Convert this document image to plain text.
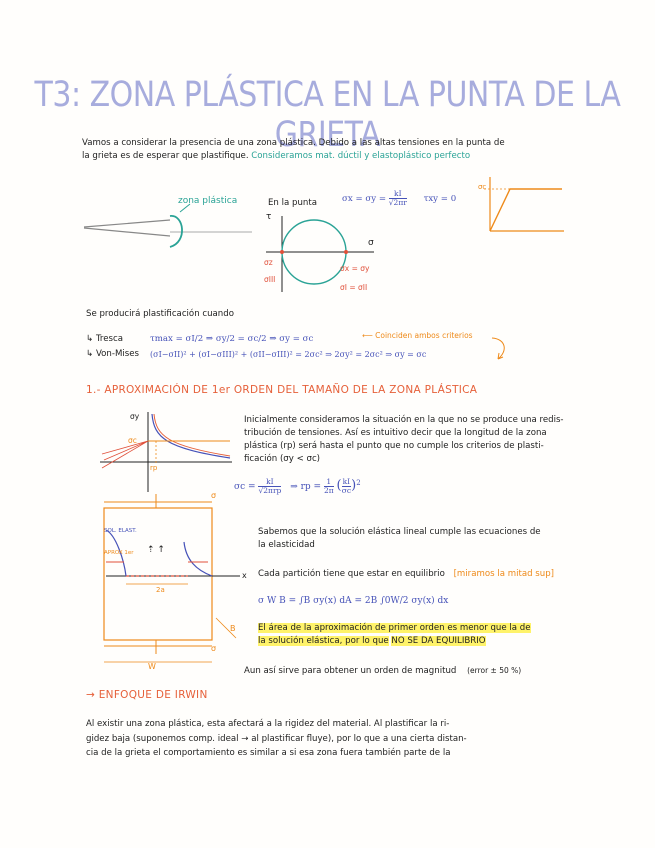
T3: ZONA PLÁSTICA EN LA PUNTA DE LA GRIETA
Vamos a considerar la presencia de una zona plástica. Debido a las altas tensiones en la punta de
la grieta es de esperar que plastifique. Consideramos mat. dúctil y elastoplástico perfecto
zona plástica	En la punta	$\sigma x = \sigma y = \frac{kI}{√2\pi r}$ τxy = 0
τ
σ
σz
σIII
σx = σy
σI = σII
σc
Se producirá plastificación cuando
↳ Tresca	τmax = σI/2 ⇒ σy/2 = σc/2 ⇒ σy = σc	⟵ Coinciden ambos criterios
↳ Von-Mises (σI−σII)² + (σI−σIII)² + (σII−σIII)² = 2σc² ⇒ 2σy² = 2σc² ⇒ σy = σc
1.- APROXIMACIÓN DE 1er ORDEN DEL TAMAÑO DE LA ZONA PLÁSTICA
σy
σc
rp
Inicialmente consideramos la situación en la que no se produce una redis-
tribución de tensiones. Así es intuitivo decir que la longitud de la zona
plástica (rp) será hasta el punto que no cumple los criterios de plasti-
ficación (σy < σc)
$\sigma c = \frac{kI}{\text{√2πrp}}$ ⇒ rp = $\frac{1}{2\pi}$ ( $\frac{kI}{\sigma c} )^2$
⇡ ↑
σ
σ
SOL. ELAST.
APROX 1er
2a
x
B
W
Sabemos que la solución elástica lineal cumple las ecuaciones de
la elasticidad
Cada partición tiene que estar en equilibrio [miramos la mitad sup]
σ W B = ∫B σy(x) dA = 2B ∫0W/2 σy(x) dx
El área de la aproximación de primer orden es menor que la de
la solución elástica, por lo que NO SE DA EQUILIBRIO
Aun así sirve para obtener un orden de magnitud (error ± 50 %)
→ ENFOQUE DE IRWIN
Al existir una zona plástica, esta afectará a la rigidez del material. Al plastificar la ri-
gidez baja (suponemos comp. ideal → al plastificar fluye), por lo que a una cierta distan-
cia de la grieta el comportamiento es similar a si esa zona fuera también parte de la
